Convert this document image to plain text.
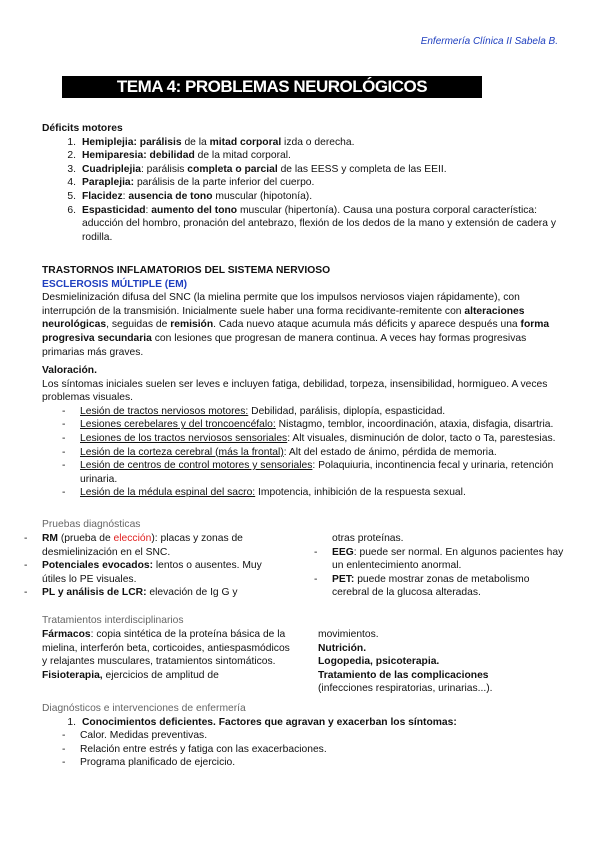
Enfermería Clínica II Sabela B.
TEMA 4: PROBLEMAS NEUROLÓGICOS
Déficits motores
1. Hemiplejia: parálisis de la mitad corporal izda o derecha.
2. Hemiparesia: debilidad de la mitad corporal.
3. Cuadriplejia: parálisis completa o parcial de las EESS y completa de las EEII.
4. Paraplejia: parálisis de la parte inferior del cuerpo.
5. Flacidez: ausencia de tono muscular (hipotonía).
6. Espasticidad: aumento del tono muscular (hipertonía). Causa una postura corporal característica: aducción del hombro, pronación del antebrazo, flexión de los dedos de la mano y extensión de cadera y rodilla.
TRASTORNOS INFLAMATORIOS DEL SISTEMA NERVIOSO
ESCLEROSIS MÚLTIPLE (EM)
Desmielinización difusa del SNC (la mielina permite que los impulsos nerviosos viajen rápidamente), con interrupción de la transmisión. Inicialmente suele haber una forma recidivante-remitente con alteraciones neurológicas, seguidas de remisión. Cada nuevo ataque acumula más déficits y aparece después una forma progresiva secundaria con lesiones que progresan de manera continua. A veces hay formas progresivas primarias más graves.
Valoración.
Los síntomas iniciales suelen ser leves e incluyen fatiga, debilidad, torpeza, insensibilidad, hormigueo. A veces problemas visuales.
- Lesión de tractos nerviosos motores: Debilidad, parálisis, diplopía, espasticidad.
- Lesiones cerebelares y del troncoencéfalo: Nistagmo, temblor, incoordinación, ataxia, disfagia, disartria.
- Lesiones de los tractos nerviosos sensoriales: Alt visuales, disminución de dolor, tacto o Ta, parestesias.
- Lesión de la corteza cerebral (más la frontal): Alt del estado de ánimo, pérdida de memoria.
- Lesión de centros de control motores y sensoriales: Polaquiuria, incontinencia fecal y urinaria, retención urinaria.
- Lesión de la médula espinal del sacro: Impotencia, inhibición de la respuesta sexual.
Pruebas diagnósticas
- RM (prueba de elección): placas y zonas de desmielinización en el SNC.
- Potenciales evocados: lentos o ausentes. Muy útiles lo PE visuales.
- PL y análisis de LCR: elevación de Ig G y
otras proteínas.
- EEG: puede ser normal. En algunos pacientes hay un enlentecimiento anormal.
- PET: puede mostrar zonas de metabolismo cerebral de la glucosa alteradas.
Tratamientos interdisciplinarios
Fármacos: copia sintética de la proteína básica de la mielina, interferón beta, corticoides, antiespasmódicos y relajantes musculares, tratamientos sintomáticos.
Fisioterapia, ejercicios de amplitud de
movimientos.
Nutrición.
Logopedia, psicoterapia.
Tratamiento de las complicaciones
(infecciones respiratorias, urinarias...).
Diagnósticos e intervenciones de enfermería
1. Conocimientos deficientes. Factores que agravan y exacerban los síntomas:
- Calor. Medidas preventivas.
- Relación entre estrés y fatiga con las exacerbaciones.
- Programa planificado de ejercicio.
